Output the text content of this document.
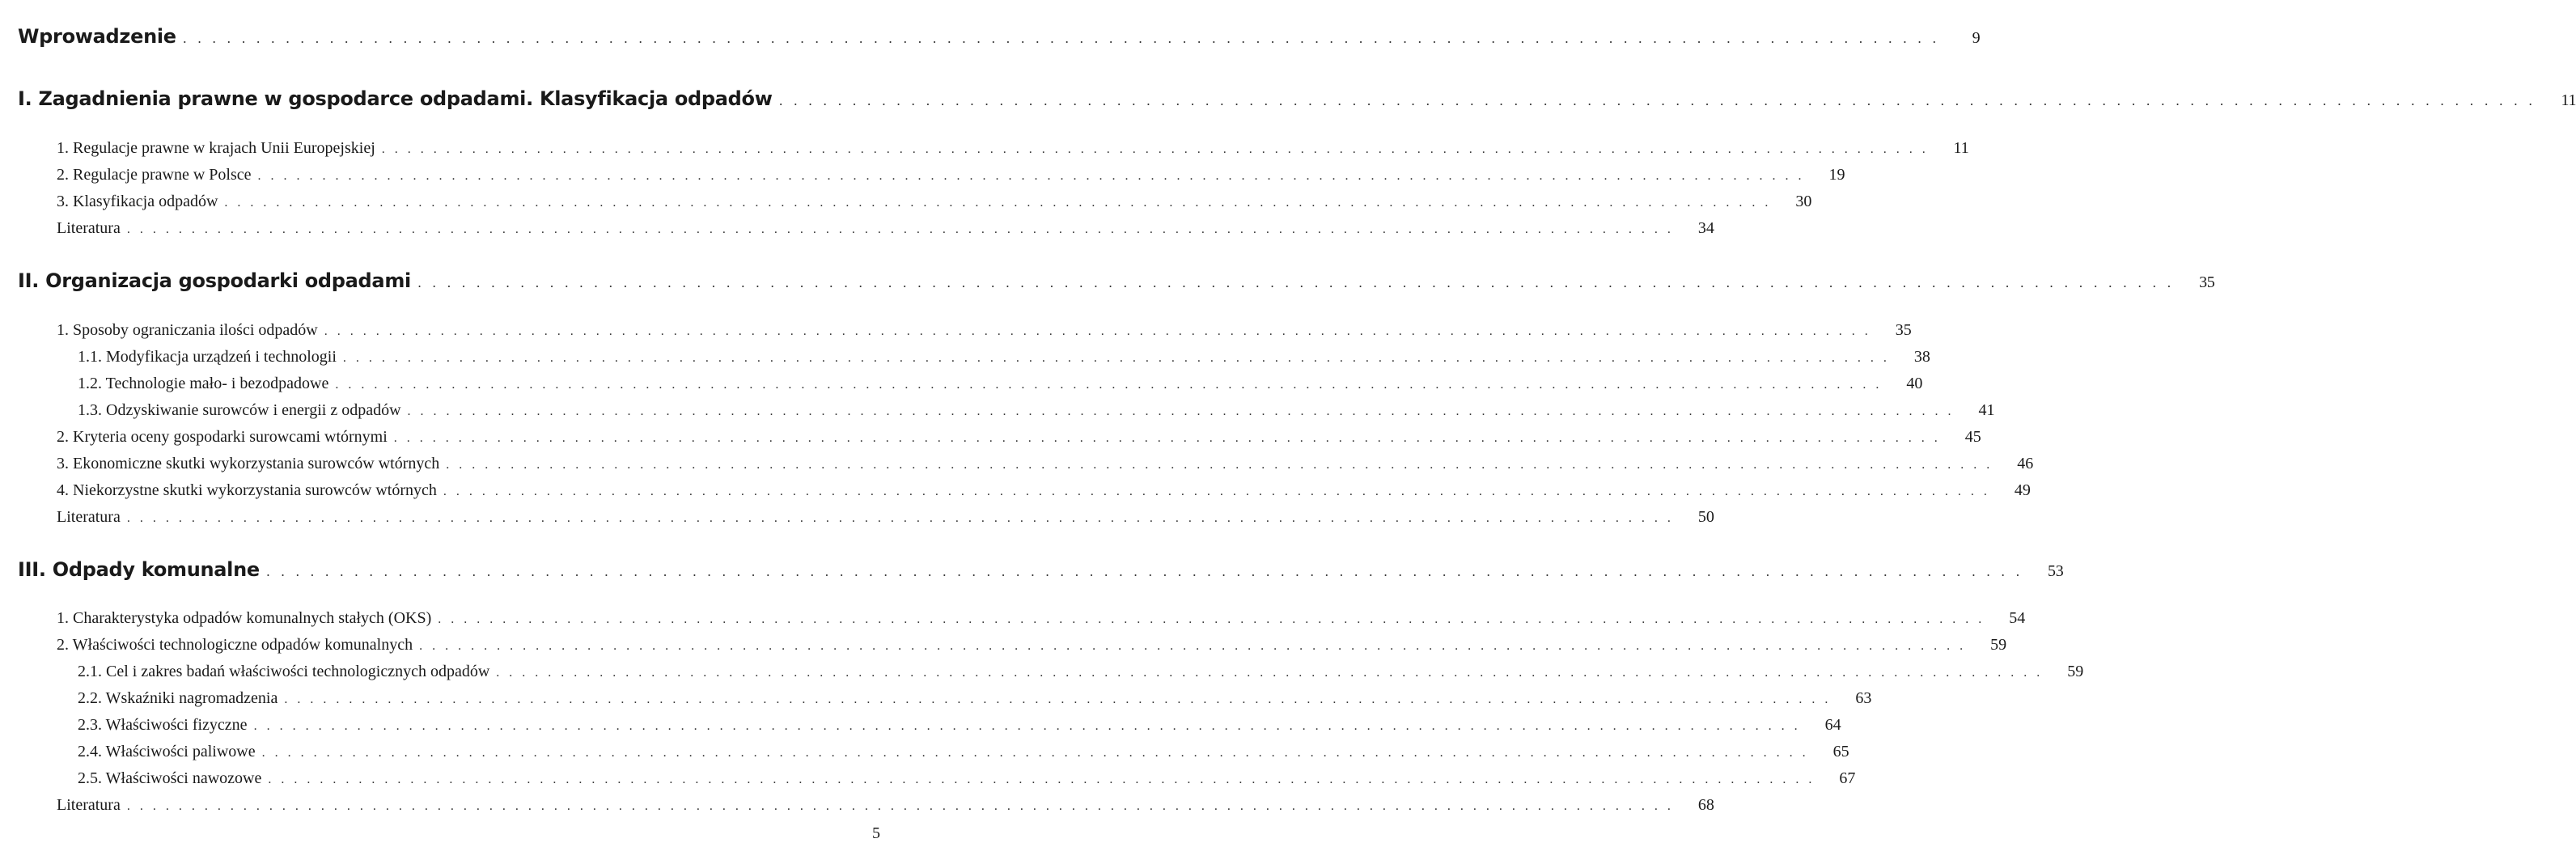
Wprowadzenie . . . . . . . . . . . . . . . . . . . . . . . . . . . . . . . . . . . . . . . . . . . . . . . . . . . . . . . . . . . . . . . . . . . . . . . . . . . . . . . . . . . . . . . . . . . . . . . . . . . . . . . . . . . . . . . . . . . . . . . .	9
I. Zagadnienia prawne w gospodarce odpadami. Klasyfikacja odpadów . . . . . . . . . . . . . . . . . . . . . . . . . . . . . . . . . . . . . . . . . . . . . . . . . . . . . . . . . . . . . . . . . . . . . . . . . . . . . . . . . . . . . . . . . . . . . . . . . . . . . . . . . . . . . . . . . . . . . . . .	11
1. Regulacje prawne w krajach Unii Europejskiej . . . . . . . . . . . . . . . . . . . . . . . . . . . . . . . . . . . . . . . . . . . . . . . . . . . . . . . . . . . . . . . . . . . . . . . . . . . . . . . . . . . . . . . . . . . . . . . . . . . . . . . . . . . . . . . . . . . . . . . .	11
2. Regulacje prawne w Polsce . . . . . . . . . . . . . . . . . . . . . . . . . . . . . . . . . . . . . . . . . . . . . . . . . . . . . . . . . . . . . . . . . . . . . . . . . . . . . . . . . . . . . . . . . . . . . . . . . . . . . . . . . . . . . . . . . . . . . . . .	19
3. Klasyfikacja odpadów . . . . . . . . . . . . . . . . . . . . . . . . . . . . . . . . . . . . . . . . . . . . . . . . . . . . . . . . . . . . . . . . . . . . . . . . . . . . . . . . . . . . . . . . . . . . . . . . . . . . . . . . . . . . . . . . . . . . . . . .	30
Literatura . . . . . . . . . . . . . . . . . . . . . . . . . . . . . . . . . . . . . . . . . . . . . . . . . . . . . . . . . . . . . . . . . . . . . . . . . . . . . . . . . . . . . . . . . . . . . . . . . . . . . . . . . . . . . . . . . . . . . . . .	34
II. Organizacja gospodarki odpadami . . . . . . . . . . . . . . . . . . . . . . . . . . . . . . . . . . . . . . . . . . . . . . . . . . . . . . . . . . . . . . . . . . . . . . . . . . . . . . . . . . . . . . . . . . . . . . . . . . . . . . . . . . . . . . . . . . . . . . . .	35
1. Sposoby ograniczania ilości odpadów . . . . . . . . . . . . . . . . . . . . . . . . . . . . . . . . . . . . . . . . . . . . . . . . . . . . . . . . . . . . . . . . . . . . . . . . . . . . . . . . . . . . . . . . . . . . . . . . . . . . . . . . . . . . . . . . . . . . . . . .	35
1.1. Modyfikacja urządzeń i technologii . . . . . . . . . . . . . . . . . . . . . . . . . . . . . . . . . . . . . . . . . . . . . . . . . . . . . . . . . . . . . . . . . . . . . . . . . . . . . . . . . . . . . . . . . . . . . . . . . . . . . . . . . . . . . . . . . . . . . . . .	38
1.2. Technologie mało- i bezodpadowe . . . . . . . . . . . . . . . . . . . . . . . . . . . . . . . . . . . . . . . . . . . . . . . . . . . . . . . . . . . . . . . . . . . . . . . . . . . . . . . . . . . . . . . . . . . . . . . . . . . . . . . . . . . . . . . . . . . . . . . .	40
1.3. Odzyskiwanie surowców i energii z odpadów . . . . . . . . . . . . . . . . . . . . . . . . . . . . . . . . . . . . . . . . . . . . . . . . . . . . . . . . . . . . . . . . . . . . . . . . . . . . . . . . . . . . . . . . . . . . . . . . . . . . . . . . . . . . . . . . . . . . . . . .	41
2. Kryteria oceny gospodarki surowcami wtórnymi . . . . . . . . . . . . . . . . . . . . . . . . . . . . . . . . . . . . . . . . . . . . . . . . . . . . . . . . . . . . . . . . . . . . . . . . . . . . . . . . . . . . . . . . . . . . . . . . . . . . . . . . . . . . . . . . . . . . . . . .	45
3. Ekonomiczne skutki wykorzystania surowców wtórnych . . . . . . . . . . . . . . . . . . . . . . . . . . . . . . . . . . . . . . . . . . . . . . . . . . . . . . . . . . . . . . . . . . . . . . . . . . . . . . . . . . . . . . . . . . . . . . . . . . . . . . . . . . . . . . . . . . . . . . . .	46
4. Niekorzystne skutki wykorzystania surowców wtórnych . . . . . . . . . . . . . . . . . . . . . . . . . . . . . . . . . . . . . . . . . . . . . . . . . . . . . . . . . . . . . . . . . . . . . . . . . . . . . . . . . . . . . . . . . . . . . . . . . . . . . . . . . . . . . . . . . . . . . . . .	49
Literatura . . . . . . . . . . . . . . . . . . . . . . . . . . . . . . . . . . . . . . . . . . . . . . . . . . . . . . . . . . . . . . . . . . . . . . . . . . . . . . . . . . . . . . . . . . . . . . . . . . . . . . . . . . . . . . . . . . . . . . . .	50
III. Odpady komunalne . . . . . . . . . . . . . . . . . . . . . . . . . . . . . . . . . . . . . . . . . . . . . . . . . . . . . . . . . . . . . . . . . . . . . . . . . . . . . . . . . . . . . . . . . . . . . . . . . . . . . . . . . . . . . . . . . . . . . . . .	53
1. Charakterystyka odpadów komunalnych stałych (OKS) . . . . . . . . . . . . . . . . . . . . . . . . . . . . . . . . . . . . . . . . . . . . . . . . . . . . . . . . . . . . . . . . . . . . . . . . . . . . . . . . . . . . . . . . . . . . . . . . . . . . . . . . . . . . . . . . . . . . . . . .	54
2. Właściwości technologiczne odpadów komunalnych . . . . . . . . . . . . . . . . . . . . . . . . . . . . . . . . . . . . . . . . . . . . . . . . . . . . . . . . . . . . . . . . . . . . . . . . . . . . . . . . . . . . . . . . . . . . . . . . . . . . . . . . . . . . . . . . . . . . . . . .	59
2.1. Cel i zakres badań właściwości technologicznych odpadów . . . . . . . . . . . . . . . . . . . . . . . . . . . . . . . . . . . . . . . . . . . . . . . . . . . . . . . . . . . . . . . . . . . . . . . . . . . . . . . . . . . . . . . . . . . . . . . . . . . . . . . . . . . . . . . . . . . . . . . .	59
2.2. Wskaźniki nagromadzenia . . . . . . . . . . . . . . . . . . . . . . . . . . . . . . . . . . . . . . . . . . . . . . . . . . . . . . . . . . . . . . . . . . . . . . . . . . . . . . . . . . . . . . . . . . . . . . . . . . . . . . . . . . . . . . . . . . . . . . . .	63
2.3. Właściwości fizyczne . . . . . . . . . . . . . . . . . . . . . . . . . . . . . . . . . . . . . . . . . . . . . . . . . . . . . . . . . . . . . . . . . . . . . . . . . . . . . . . . . . . . . . . . . . . . . . . . . . . . . . . . . . . . . . . . . . . . . . . .	64
2.4. Właściwości paliwowe . . . . . . . . . . . . . . . . . . . . . . . . . . . . . . . . . . . . . . . . . . . . . . . . . . . . . . . . . . . . . . . . . . . . . . . . . . . . . . . . . . . . . . . . . . . . . . . . . . . . . . . . . . . . . . . . . . . . . . . .	65
2.5. Właściwości nawozowe . . . . . . . . . . . . . . . . . . . . . . . . . . . . . . . . . . . . . . . . . . . . . . . . . . . . . . . . . . . . . . . . . . . . . . . . . . . . . . . . . . . . . . . . . . . . . . . . . . . . . . . . . . . . . . . . . . . . . . . .	67
Literatura . . . . . . . . . . . . . . . . . . . . . . . . . . . . . . . . . . . . . . . . . . . . . . . . . . . . . . . . . . . . . . . . . . . . . . . . . . . . . . . . . . . . . . . . . . . . . . . . . . . . . . . . . . . . . . . . . . . . . . . .	68
5
